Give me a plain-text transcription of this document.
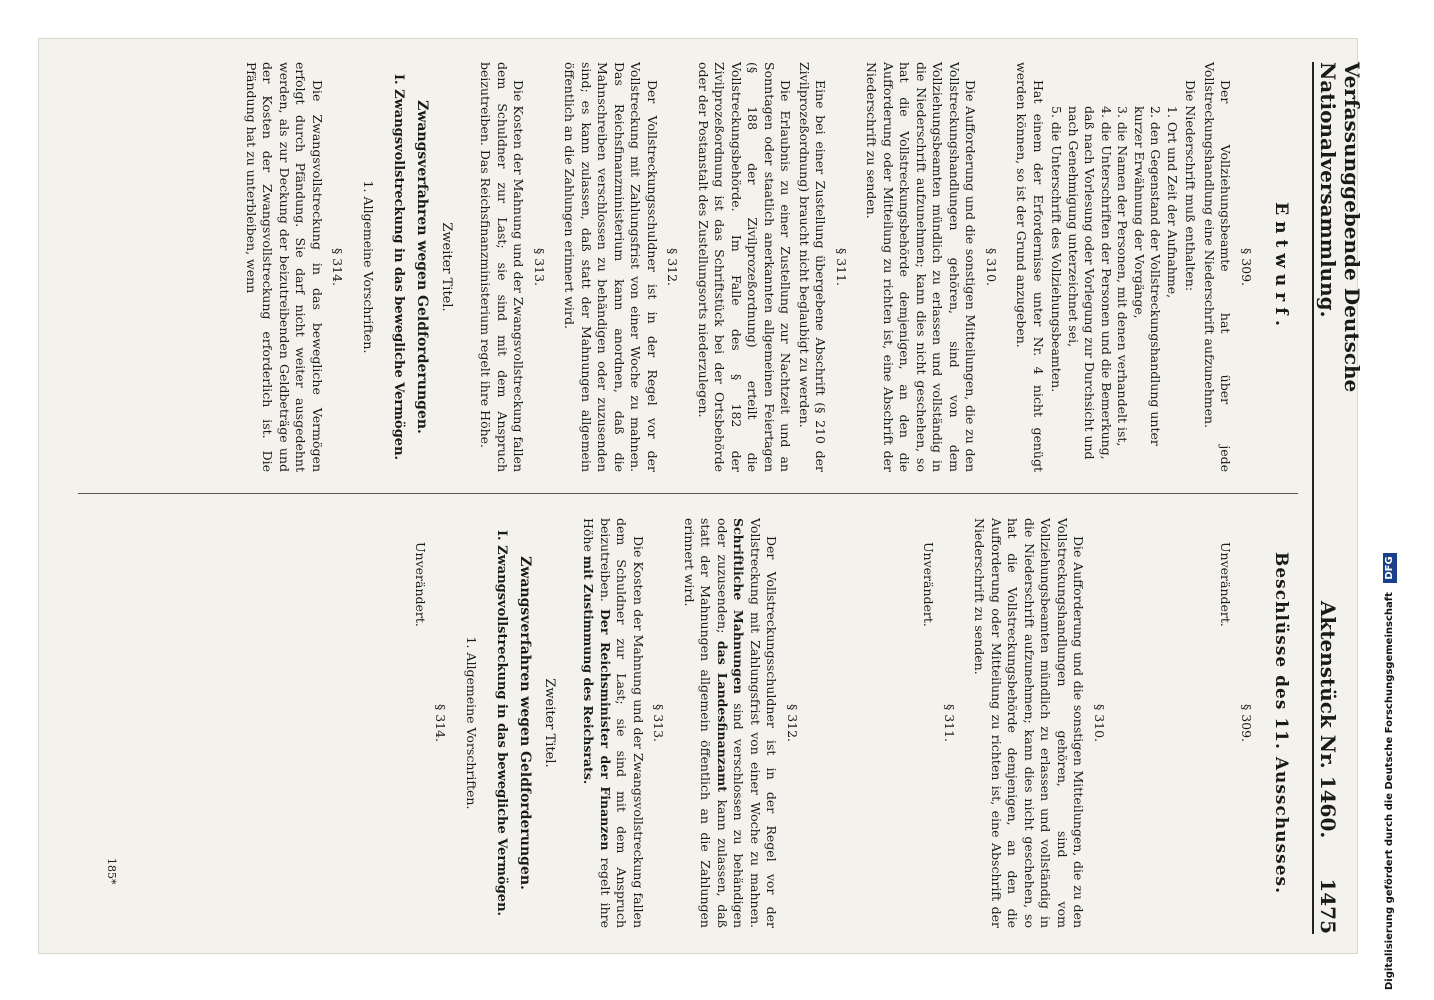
Verfassunggebende Deutsche Nationalversammlung.
Aktenstück Nr. 1460.
1475
Entwurf.
§ 309.

Der Vollziehungsbeamte hat über jede Vollstreckungshandlung eine Niederschrift aufzunehmen.

Die Niederschrift muß enthalten:

1. Ort und Zeit der Aufnahme,
2. den Gegenstand der Vollstreckungshandlung unter kurzer Erwähnung der Vorgänge,
3. die Namen der Personen, mit denen verhandelt ist,
4. die Unterschriften der Personen und die Bemerkung, daß nach Vorlesung oder Vorlegung zur Durchsicht und nach Genehmigung unterzeichnet sei,
5. die Unterschrift des Vollziehungsbeamten.

Hat einem der Erfordernisse unter Nr. 4 nicht genügt werden können, so ist der Grund anzugeben.

§ 310.

Die Aufforderung und die sonstigen Mitteilungen, die zu den Vollstreckungshandlungen gehören, sind von dem Vollziehungsbeamten mündlich zu erlassen und vollständig in die Niederschrift aufzunehmen; kann dies nicht geschehen, so hat die Vollstreckungsbehörde demjenigen, an den die Aufforderung oder Mitteilung zu richten ist, eine Abschrift der Niederschrift zu senden.

§ 311.

Eine bei einer Zustellung übergebene Abschrift (§ 210 der Zivilprozeßordnung) braucht nicht beglaubigt zu werden.

Die Erlaubnis zu einer Zustellung zur Nachtzeit und an Sonntagen oder staatlich anerkannten allgemeinen Feiertagen (§ 188 der Zivilprozeßordnung) erteilt die Vollstreckungsbehörde. Im Falle des § 182 der Zivilprozeßordnung ist das Schriftstück bei der Ortsbehörde oder der Postanstalt des Zustellungsorts niederzulegen.

§ 312.

Der Vollstreckungsschuldner ist in der Regel vor der Vollstreckung mit Zahlungsfrist von einer Woche zu mahnen. Das Reichsfinanzministerium kann anordnen, daß die Mahnschreiben verschlossen zu behändigen oder zuzusenden sind; es kann zulassen, daß statt der Mahnungen allgemein öffentlich an die Zahlungen erinnert wird.

§ 313.

Die Kosten der Mahnung und der Zwangsvollstreckung fallen dem Schuldner zur Last; sie sind mit dem Anspruch beizutreiben. Das Reichsfinanzministerium regelt ihre Höhe.

Zweiter Titel.
Zwangsverfahren wegen Geldforderungen.
I. Zwangsvollstreckung in das bewegliche Vermögen.
1. Allgemeine Vorschriften.
§ 314.

Die Zwangsvollstreckung in das bewegliche Vermögen erfolgt durch Pfändung. Sie darf nicht weiter ausgedehnt werden, als zur Deckung der beizutreibenden Geldbeträge und der Kosten der Zwangsvollstreckung erforderlich ist. Die Pfändung hat zu unterbleiben, wenn

Beschlüsse des 11. Ausschusses.
§ 309.

Unverändert.

§ 310.

Die Aufforderung und die sonstigen Mitteilungen, die zu den Vollstreckungshandlungen gehören, sind vom Vollziehungsbeamten mündlich zu erlassen und vollständig in die Niederschrift aufzunehmen; kann dies nicht geschehen, so hat die Vollstreckungsbehörde demjenigen, an den die Aufforderung oder Mitteilung zu richten ist, eine Abschrift der Niederschrift zu senden.

§ 311.

Unverändert.

§ 312.

Der Vollstreckungsschuldner ist in der Regel vor der Vollstreckung mit Zahlungsfrist von einer Woche zu mahnen. Schriftliche Mahnungen sind verschlossen zu behändigen oder zuzusenden; das Landesfinanzamt kann zulassen, daß statt der Mahnungen allgemein öffentlich an die Zahlungen erinnert wird.

§ 313.

Die Kosten der Mahnung und der Zwangsvollstreckung fallen dem Schuldner zur Last; sie sind mit dem Anspruch beizutreiben. Der Reichsminister der Finanzen regelt ihre Höhe mit Zustimmung des Reichsrats.

Zweiter Titel.
Zwangsverfahren wegen Geldforderungen.
I. Zwangsvollstreckung in das bewegliche Vermögen.
1. Allgemeine Vorschriften.
§ 314.

Unverändert.

185*	Digitalisierung gefördert durch die Deutsche Forschungsgemeinschaft DFG
